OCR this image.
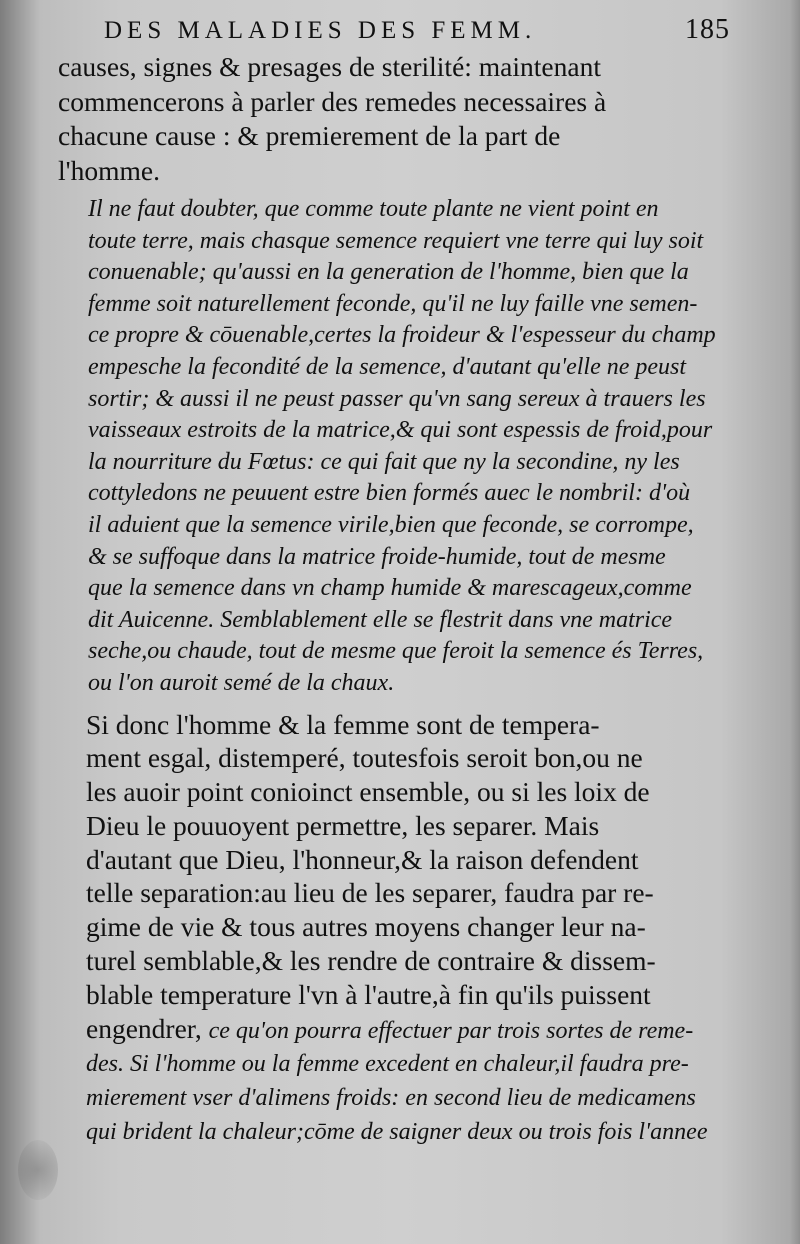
DES MALADIES DES FEMM.	185

causes, signes & presages de sterilité: maintenant
commencerons à parler des remedes necessaires à
chacune cause : & premierement de la part de
l'homme.

Il ne faut doubter, que comme toute plante ne vient point en
toute terre, mais chasque semence requiert vne terre qui luy soit
conuenable; qu'aussi en la generation de l'homme, bien que la
femme soit naturellement feconde, qu'il ne luy faille vne semen-
ce propre & cōuenable,certes la froideur & l'espesseur du champ
empesche la fecondité de la semence, d'autant qu'elle ne peust
sortir; & aussi il ne peust passer qu'vn sang sereux à trauers les
vaisseaux estroits de la matrice,& qui sont espessis de froid,pour
la nourriture du Fœtus: ce qui fait que ny la secondine, ny les
cottyledons ne peuuent estre bien formés auec le nombril: d'où
il aduient que la semence virile,bien que feconde, se corrompe,
& se suffoque dans la matrice froide-humide, tout de mesme
que la semence dans vn champ humide & marescageux,comme
dit Auicenne. Semblablement elle se flestrit dans vne matrice
seche,ou chaude, tout de mesme que feroit la semence és Terres,
ou l'on auroit semé de la chaux.

Si donc l'homme & la femme sont de tempera-
ment esgal, distemperé, toutesfois seroit bon,ou ne
les auoir point conioinct ensemble, ou si les loix de
Dieu le pouuoyent permettre, les separer. Mais
d'autant que Dieu, l'honneur,& la raison defendent
telle separation:au lieu de les separer, faudra par re-
gime de vie & tous autres moyens changer leur na-
turel semblable,& les rendre de contraire & dissem-
blable temperature l'vn à l'autre,à fin qu'ils puissent
engendrer, ce qu'on pourra effectuer par trois sortes de reme-
des. Si l'homme ou la femme excedent en chaleur,il faudra pre-
mierement vser d'alimens froids: en second lieu de medicamens
qui brident la chaleur;cōme de saigner deux ou trois fois l'annee
